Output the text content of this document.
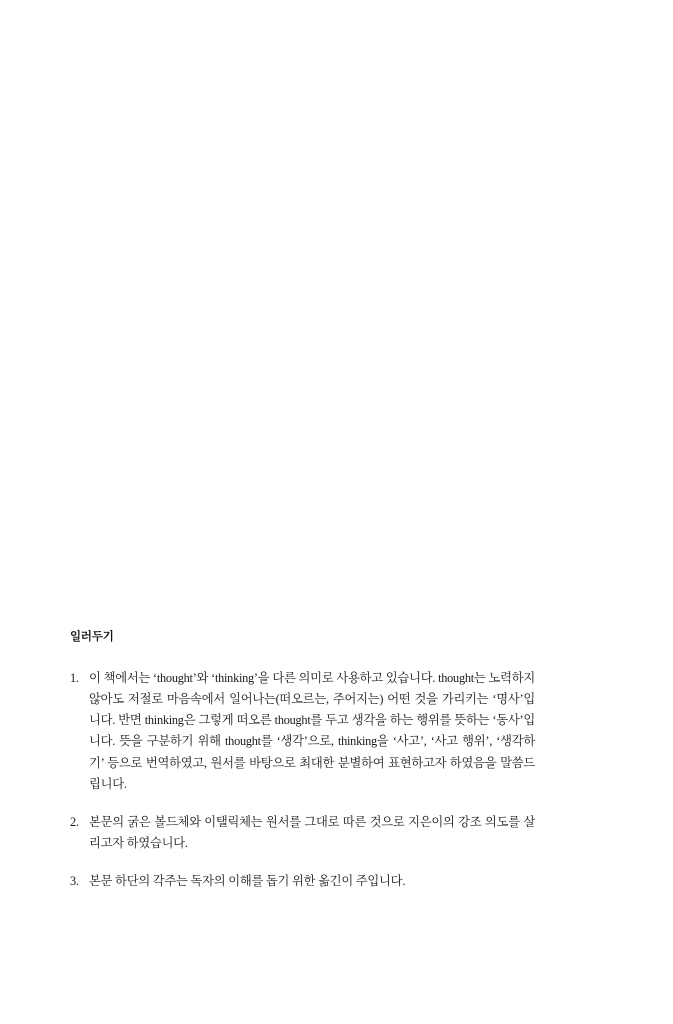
일러두기
1. 이 책에서는 ‘thought’와 ‘thinking’을 다른 의미로 사용하고 있습니다. thought는 노력하지 않아도 저절로 마음속에서 일어나는(떠오르는, 주어지는) 어떤 것을 가리키는 ‘명사’입니다. 반면 thinking은 그렇게 떠오른 thought를 두고 생각을 하는 행위를 뜻하는 ‘동사’입니다. 뜻을 구분하기 위해 thought를 ‘생각’으로, thinking을 ‘사고’, ‘사고 행위’, ‘생각하기’ 등으로 번역하였고, 원서를 바탕으로 최대한 분별하여 표현하고자 하였음을 말씀드립니다.
2. 본문의 굵은 볼드체와 이탤릭체는 원서를 그대로 따른 것으로 지은이의 강조 의도를 살리고자 하였습니다.
3. 본문 하단의 각주는 독자의 이해를 돕기 위한 옮긴이 주입니다.
